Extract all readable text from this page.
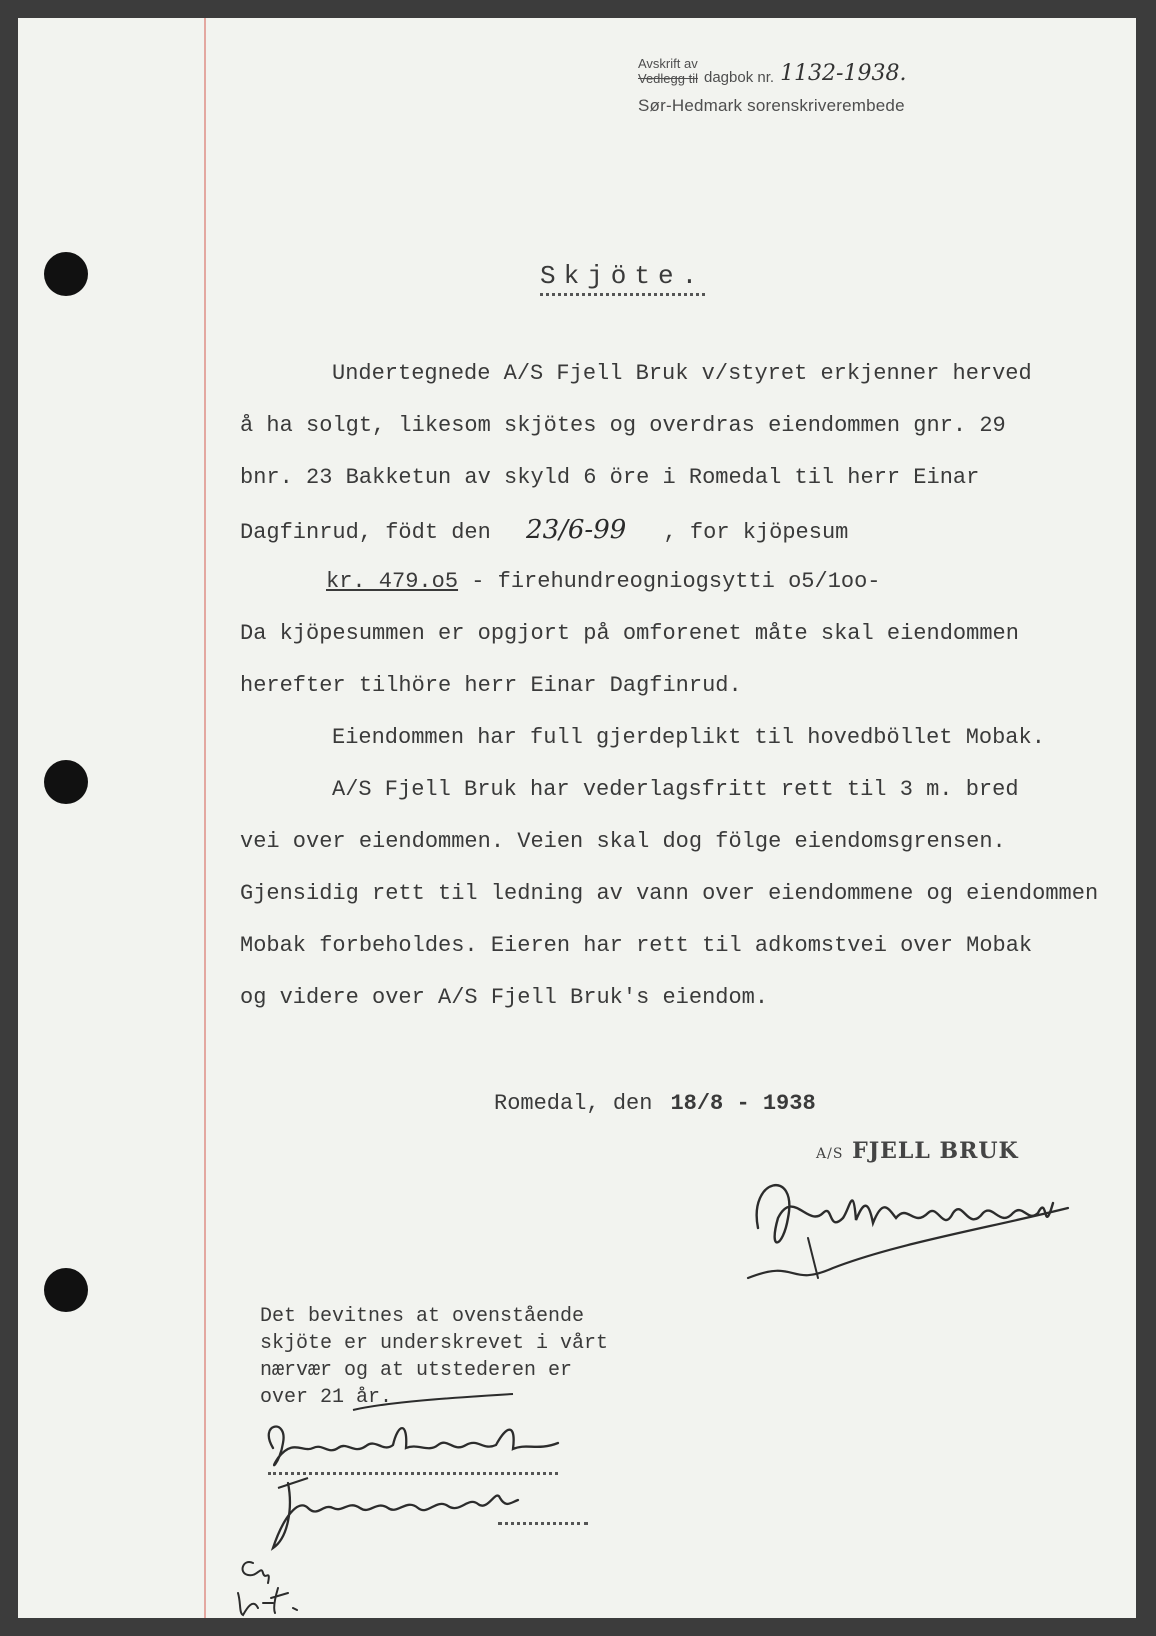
Avskrift av
Vedlegg til dagbok nr. 1132-1938.
Sør-Hedmark sorenskriverembede
Skjöte.
Undertegnede A/S Fjell Bruk v/styret erkjenner herved
å ha solgt, likesom skjötes og overdras eiendommen gnr. 29
bnr. 23 Bakketun av skyld 6 öre i Romedal til herr Einar
Dagfinrud, födt den 23/6-99 , for kjöpesum
kr. 479.o5 - firehundreogniogsytti o5/1oo-
Da kjöpesummen er opgjort på omforenet måte skal eiendommen
herefter tilhöre herr Einar Dagfinrud.
Eiendommen har full gjerdeplikt til hovedböllet Mobak.
A/S Fjell Bruk har vederlagsfritt rett til 3 m. bred
vei over eiendommen. Veien skal dog fölge eiendomsgrensen.
Gjensidig rett til ledning av vann over eiendommene og eiendommen
Mobak forbeholdes. Eieren har rett til adkomstvei over Mobak
og videre over A/S Fjell Bruk's eiendom.
Romedal, den 18/8 - 1938
A/S FJELL BRUK
Det bevitnes at ovenstående
skjöte er underskrevet i vårt
nærvær og at utstederen er
over 21 år.
